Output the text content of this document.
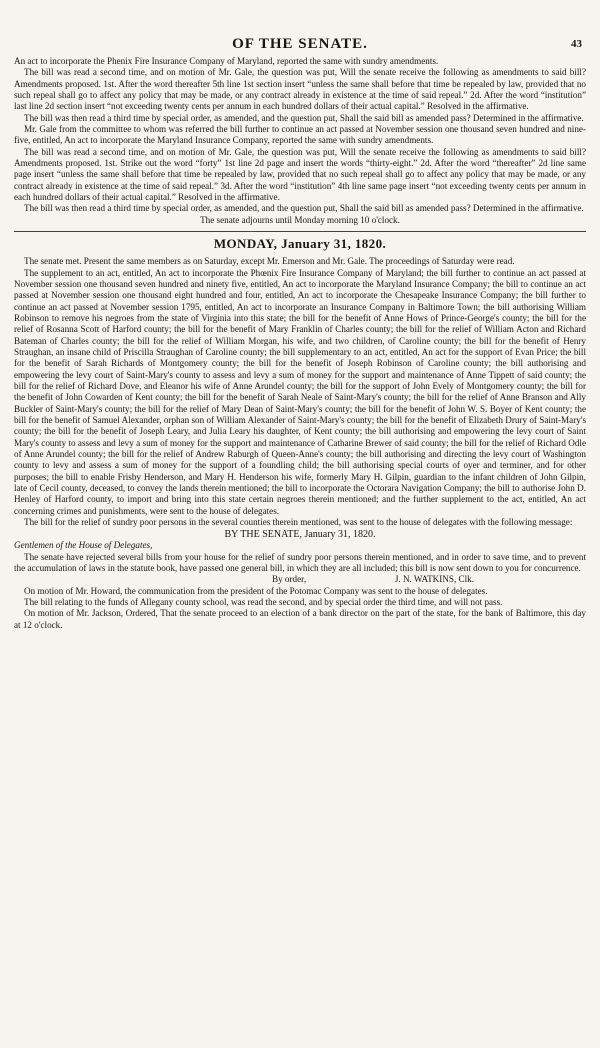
OF THE SENATE.	43

An act to incorporate the Phenix Fire Insurance Company of Maryland, reported the same with sundry amendments.

The bill was read a second time, and on motion of Mr. Gale, the question was put, Will the senate receive the following as amendments to said bill? Amendments proposed. 1st. After the word thereafter 5th line 1st section insert “unless the same shall before that time be repealed by law, provided that no such repeal shall go to affect any policy that may be made, or any contract already in existence at the time of said repeal.” 2d. After the word “institution” last line 2d section insert “not exceeding twenty cents per annum in each hundred dollars of their actual capital.” Resolved in the affirmative.

The bill was then read a third time by special order, as amended, and the question put, Shall the said bill as amended pass? Determined in the affirmative.

Mr. Gale from the committee to whom was referred the bill further to continue an act passed at November session one thousand seven hundred and nine-five, entitled, An act to incorporate the Maryland Insurance Company, reported the same with sundry amendments.

The bill was read a second time, and on motion of Mr. Gale, the question was put, Will the senate receive the following as amendments to said bill? Amendments proposed. 1st. Strike out the word “forty” 1st line 2d page and insert the words “thirty-eight.” 2d. After the word “thereafter” 2d line same page insert “unless the same shall before that time be repealed by law, provided that no such repeal shall go to affect any policy that may be made, or any contract already in existence at the time of said repeal.” 3d. After the word “institution” 4th line same page insert “not exceeding twenty cents per annum in each hundred dollars of their actual capital.” Resolved in the affirmative.

The bill was then read a third time by special order, as amended, and the question put, Shall the said bill as amended pass? Determined in the affirmative.

The senate adjourns until Monday morning 10 o'clock.

MONDAY, January 31, 1820.

The senate met. Present the same members as on Saturday, except Mr. Emerson and Mr. Gale. The proceedings of Saturday were read.

The supplement to an act, entitled, An act to incorporate the Phœnix Fire Insurance Company of Maryland; the bill further to continue an act passed at November session one thousand seven hundred and ninety five, entitled, An act to incorporate the Maryland Insurance Company; the bill to continue an act passed at November session one thousand eight hundred and four, entitled, An act to incorporate the Chesapeake Insurance Company; the bill further to continue an act passed at November session 1795, entitled, An act to incorporate an Insurance Company in Baltimore Town; the bill authorising William Robinson to remove his negroes from the state of Virginia into this state; the bill for the benefit of Anne Hows of Prince-George's county; the bill for the relief of Rosanna Scott of Harford county; the bill for the benefit of Mary Franklin of Charles county; the bill for the relief of William Acton and Richard Bateman of Charles county; the bill for the relief of William Morgan, his wife, and two children, of Caroline county; the bill for the benefit of Henry Straughan, an insane child of Priscilla Straughan of Caroline county; the bill supplementary to an act, entitled, An act for the support of Evan Price; the bill for the benefit of Sarah Richards of Montgomery county; the bill for the benefit of Joseph Robinson of Caroline county; the bill authorising and empowering the levy court of Saint-Mary's county to assess and levy a sum of money for the support and maintenance of Anne Tippett of said county; the bill for the relief of Richard Dove, and Eleanor his wife of Anne Arundel county; the bill for the support of John Evely of Montgomery county; the bill for the benefit of John Cowarden of Kent county; the bill for the benefit of Sarah Neale of Saint-Mary's county; the bill for the relief of Anne Branson and Ally Buckler of Saint-Mary's county; the bill for the relief of Mary Dean of Saint-Mary's county; the bill for the benefit of John W. S. Boyer of Kent county; the bill for the benefit of Samuel Alexander, orphan son of William Alexander of Saint-Mary's county; the bill for the benefit of Elizabeth Drury of Saint-Mary's county; the bill for the benefit of Joseph Leary, and Julia Leary his daughter, of Kent county; the bill authorising and empowering the levy court of Saint Mary's county to assess and levy a sum of money for the support and maintenance of Catharine Brewer of said county; the bill for the relief of Richard Odle of Anne Arundel county; the bill for the relief of Andrew Raburgh of Queen-Anne's county; the bill authorising and directing the levy court of Washington county to levy and assess a sum of money for the support of a foundling child; the bill authorising special courts of oyer and terminer, and for other purposes; the bill to enable Frisby Henderson, and Mary H. Henderson his wife, formerly Mary H. Gilpin, guardian to the infant children of John Gilpin, late of Cecil county, deceased, to convey the lands therein mentioned; the bill to incorporate the Octorara Navigation Company; the bill to authorise John D. Henley of Harford county, to import and bring into this state certain negroes therein mentioned; and the further supplement to the act, entitled, An act concerning crimes and punishments, were sent to the house of delegates.

The bill for the relief of sundry poor persons in the several counties therein mentioned, was sent to the house of delegates with the following message:

BY THE SENATE, January 31, 1820.

Gentlemen of the House of Delegates,

The senate have rejected several bills from your house for the relief of sundry poor persons therein mentioned, and in order to save time, and to prevent the accumulation of laws in the statute book, have passed one general bill, in which they are all included; this bill is now sent down to you for concurrence.

By order,	J. N. WATKINS, Clk.

On motion of Mr. Howard, the communication from the president of the Potomac Company was sent to the house of delegates.

The bill relating to the funds of Allegany county school, was read the second, and by special order the third time, and will not pass.

On motion of Mr. Jackson, Ordered, That the senate proceed to an election of a bank director on the part of the state, for the bank of Baltimore, this day at 12 o'clock.
